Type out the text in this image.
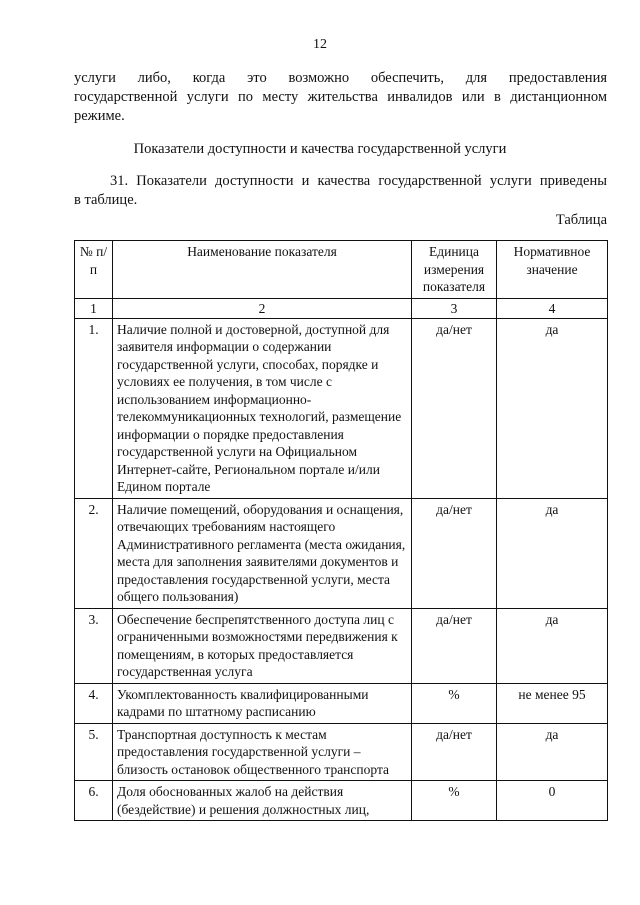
12
услуги либо, когда это возможно обеспечить, для предоставления
государственной услуги по месту жительства инвалидов или в дистанционном
режиме.
Показатели доступности и качества государственной услуги
31. Показатели доступности и качества государственной услуги приведены
в таблице.
Таблица
№ п/п	Наименование показателя	Единица измерения показателя	Нормативное значение
1	2	3	4
1.	Наличие полной и достоверной, доступной для заявителя информации о содержании государственной услуги, способах, порядке и условиях ее получения, в том числе с использованием информационно-телекоммуникационных технологий, размещение информации о порядке предоставления государственной услуги на Официальном Интернет-сайте, Региональном портале и/или Едином портале	да/нет	да
2.	Наличие помещений, оборудования и оснащения, отвечающих требованиям настоящего Административного регламента (места ожидания, места для заполнения заявителями документов и предоставления государственной услуги, места общего пользования)	да/нет	да
3.	Обеспечение беспрепятственного доступа лиц с ограниченными возможностями передвижения к помещениям, в которых предоставляется государственная услуга	да/нет	да
4.	Укомплектованность квалифицированными кадрами по штатному расписанию	%	не менее 95
5.	Транспортная доступность к местам предоставления государственной услуги – близость остановок общественного транспорта	да/нет	да
6.	Доля обоснованных жалоб на действия (бездействие) и решения должностных лиц,	%	0
